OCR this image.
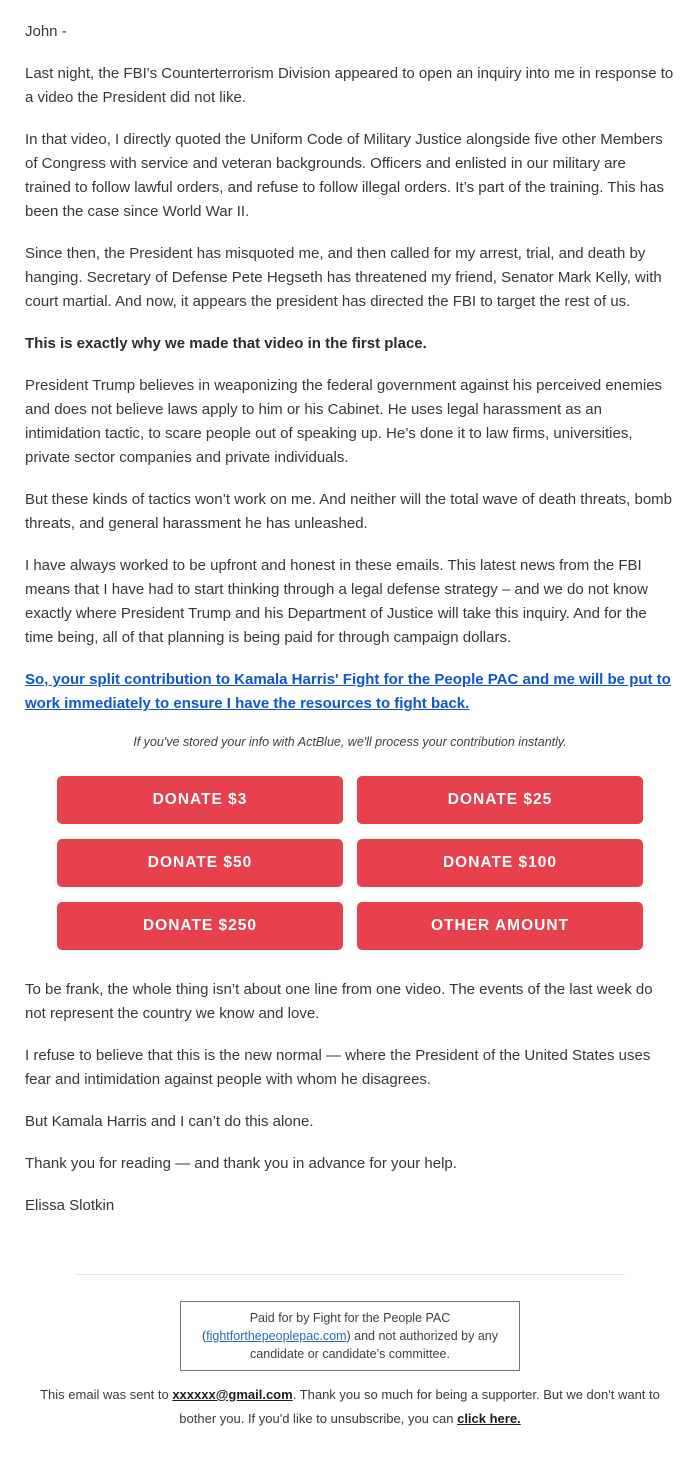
John -

Last night, the FBI's Counterterrorism Division appeared to open an inquiry into me in response to a video the President did not like.

In that video, I directly quoted the Uniform Code of Military Justice alongside five other Members of Congress with service and veteran backgrounds. Officers and enlisted in our military are trained to follow lawful orders, and refuse to follow illegal orders. It’s part of the training. This has been the case since World War II.

Since then, the President has misquoted me, and then called for my arrest, trial, and death by hanging. Secretary of Defense Pete Hegseth has threatened my friend, Senator Mark Kelly, with court martial. And now, it appears the president has directed the FBI to target the rest of us.

This is exactly why we made that video in the first place.

President Trump believes in weaponizing the federal government against his perceived enemies and does not believe laws apply to him or his Cabinet. He uses legal harassment as an intimidation tactic, to scare people out of speaking up. He’s done it to law firms, universities, private sector companies and private individuals.

But these kinds of tactics won’t work on me. And neither will the total wave of death threats, bomb threats, and general harassment he has unleashed.

I have always worked to be upfront and honest in these emails. This latest news from the FBI means that I have had to start thinking through a legal defense strategy – and we do not know exactly where President Trump and his Department of Justice will take this inquiry. And for the time being, all of that planning is being paid for through campaign dollars.

So, your split contribution to Kamala Harris' Fight for the People PAC and me will be put to work immediately to ensure I have the resources to fight back.

If you've stored your info with ActBlue, we'll process your contribution instantly.

DONATE $3	DONATE $25
DONATE $50	DONATE $100
DONATE $250	OTHER AMOUNT

To be frank, the whole thing isn’t about one line from one video. The events of the last week do not represent the country we know and love.

I refuse to believe that this is the new normal — where the President of the United States uses fear and intimidation against people with whom he disagrees.

But Kamala Harris and I can’t do this alone.

Thank you for reading — and thank you in advance for your help.

Elissa Slotkin

Paid for by Fight for the People PAC
(fightforthepeoplepac.com) and not authorized by any candidate or candidate’s committee.
This email was sent to xxxxxx@gmail.com. Thank you so much for being a supporter. But we don't want to bother you. If you'd like to unsubscribe, you can click here.
